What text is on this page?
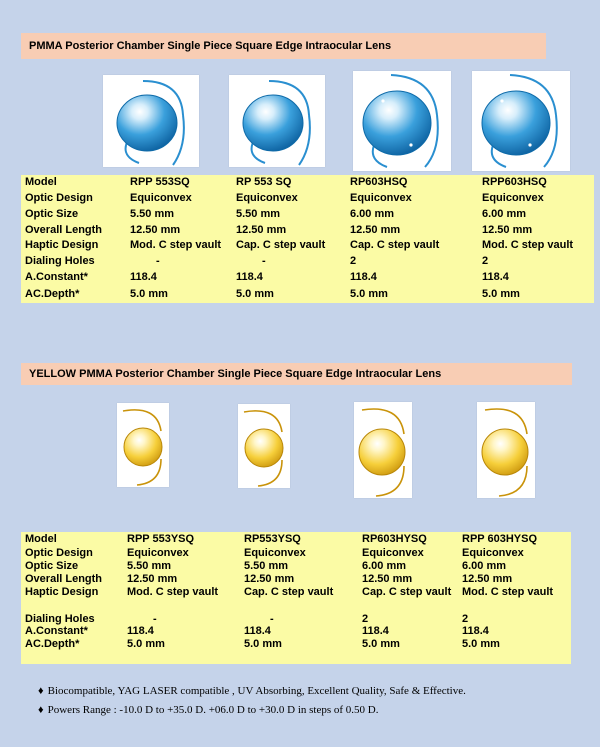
PMMA Posterior Chamber Single Piece Square Edge Intraocular Lens
Model	RPP 553SQ	RP 553 SQ	RP603HSQ	RPP603HSQ
Optic Design	Equiconvex	Equiconvex	Equiconvex	Equiconvex
Optic Size	5.50 mm	5.50 mm	6.00 mm	6.00 mm
Overall Length	12.50 mm	12.50 mm	12.50 mm	12.50 mm
Haptic Design	Mod. C step vault	Cap. C step vault	Cap. C step vault	Mod. C step vault
Dialing Holes	-	-	2	2
A.Constant*	118.4	118.4	118.4	118.4
AC.Depth*	5.0 mm	5.0 mm	5.0 mm	5.0 mm
YELLOW PMMA Posterior Chamber Single Piece Square Edge Intraocular Lens
Model	RPP 553YSQ	RP553YSQ	RP603HYSQ	RPP 603HYSQ
Optic Design	Equiconvex	Equiconvex	Equiconvex	Equiconvex
Optic Size	5.50 mm	5.50 mm	6.00 mm	6.00 mm
Overall Length	12.50 mm	12.50 mm	12.50 mm	12.50 mm
Haptic Design	Mod. C step vault	Cap. C step vault	Cap. C step vault	Mod. C step vault
Dialing Holes	-	-	2	2
A.Constant*	118.4	118.4	118.4	118.4
AC.Depth*	5.0 mm	5.0 mm	5.0 mm	5.0 mm
♦ Biocompatible, YAG LASER compatible , UV Absorbing, Excellent Quality, Safe & Effective.
♦ Powers Range : -10.0 D to +35.0 D. +06.0 D to +30.0 D in steps of 0.50 D.
